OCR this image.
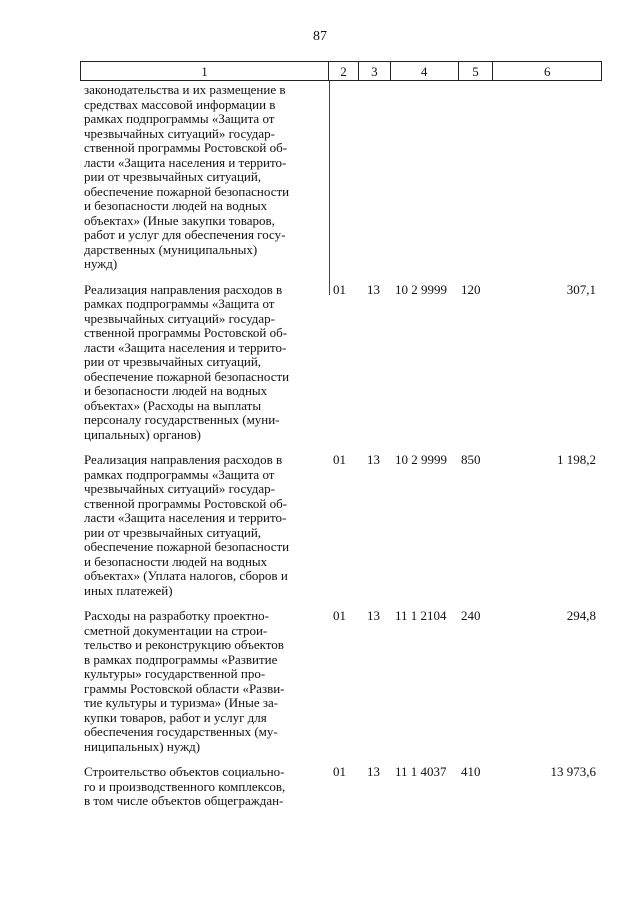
87
1	2	3	4	5	6
законодательства и их размещение в
средствах массовой информации в
рамках подпрограммы «Защита от
чрезвычайных ситуаций» государ-
ственной программы Ростовской об-
ласти «Защита населения и террито-
рии от чрезвычайных ситуаций,
обеспечение пожарной безопасности
и безопасности людей на водных
объектах» (Иные закупки товаров,
работ и услуг для обеспечения госу-
дарственных (муниципальных)
нужд)
Реализация направления расходов в
рамках подпрограммы «Защита от
чрезвычайных ситуаций» государ-
ственной программы Ростовской об-
ласти «Защита населения и террито-
рии от чрезвычайных ситуаций,
обеспечение пожарной безопасности
и безопасности людей на водных
объектах» (Расходы на выплаты
персоналу государственных (муни-
ципальных) органов)
01	13	10 2 9999	120	307,1
Реализация направления расходов в
рамках подпрограммы «Защита от
чрезвычайных ситуаций» государ-
ственной программы Ростовской об-
ласти «Защита населения и террито-
рии от чрезвычайных ситуаций,
обеспечение пожарной безопасности
и безопасности людей на водных
объектах» (Уплата налогов, сборов и
иных платежей)
01	13	10 2 9999	850	1 198,2
Расходы на разработку проектно-
сметной документации на строи-
тельство и реконструкцию объектов
в рамках подпрограммы «Развитие
культуры» государственной про-
граммы Ростовской области «Разви-
тие культуры и туризма» (Иные за-
купки товаров, работ и услуг для
обеспечения государственных (му-
ниципальных) нужд)
01	13	11 1 2104	240	294,8
Строительство объектов социально-
го и производственного комплексов,
в том числе объектов общеграждан-
01	13	11 1 4037	410	13 973,6
